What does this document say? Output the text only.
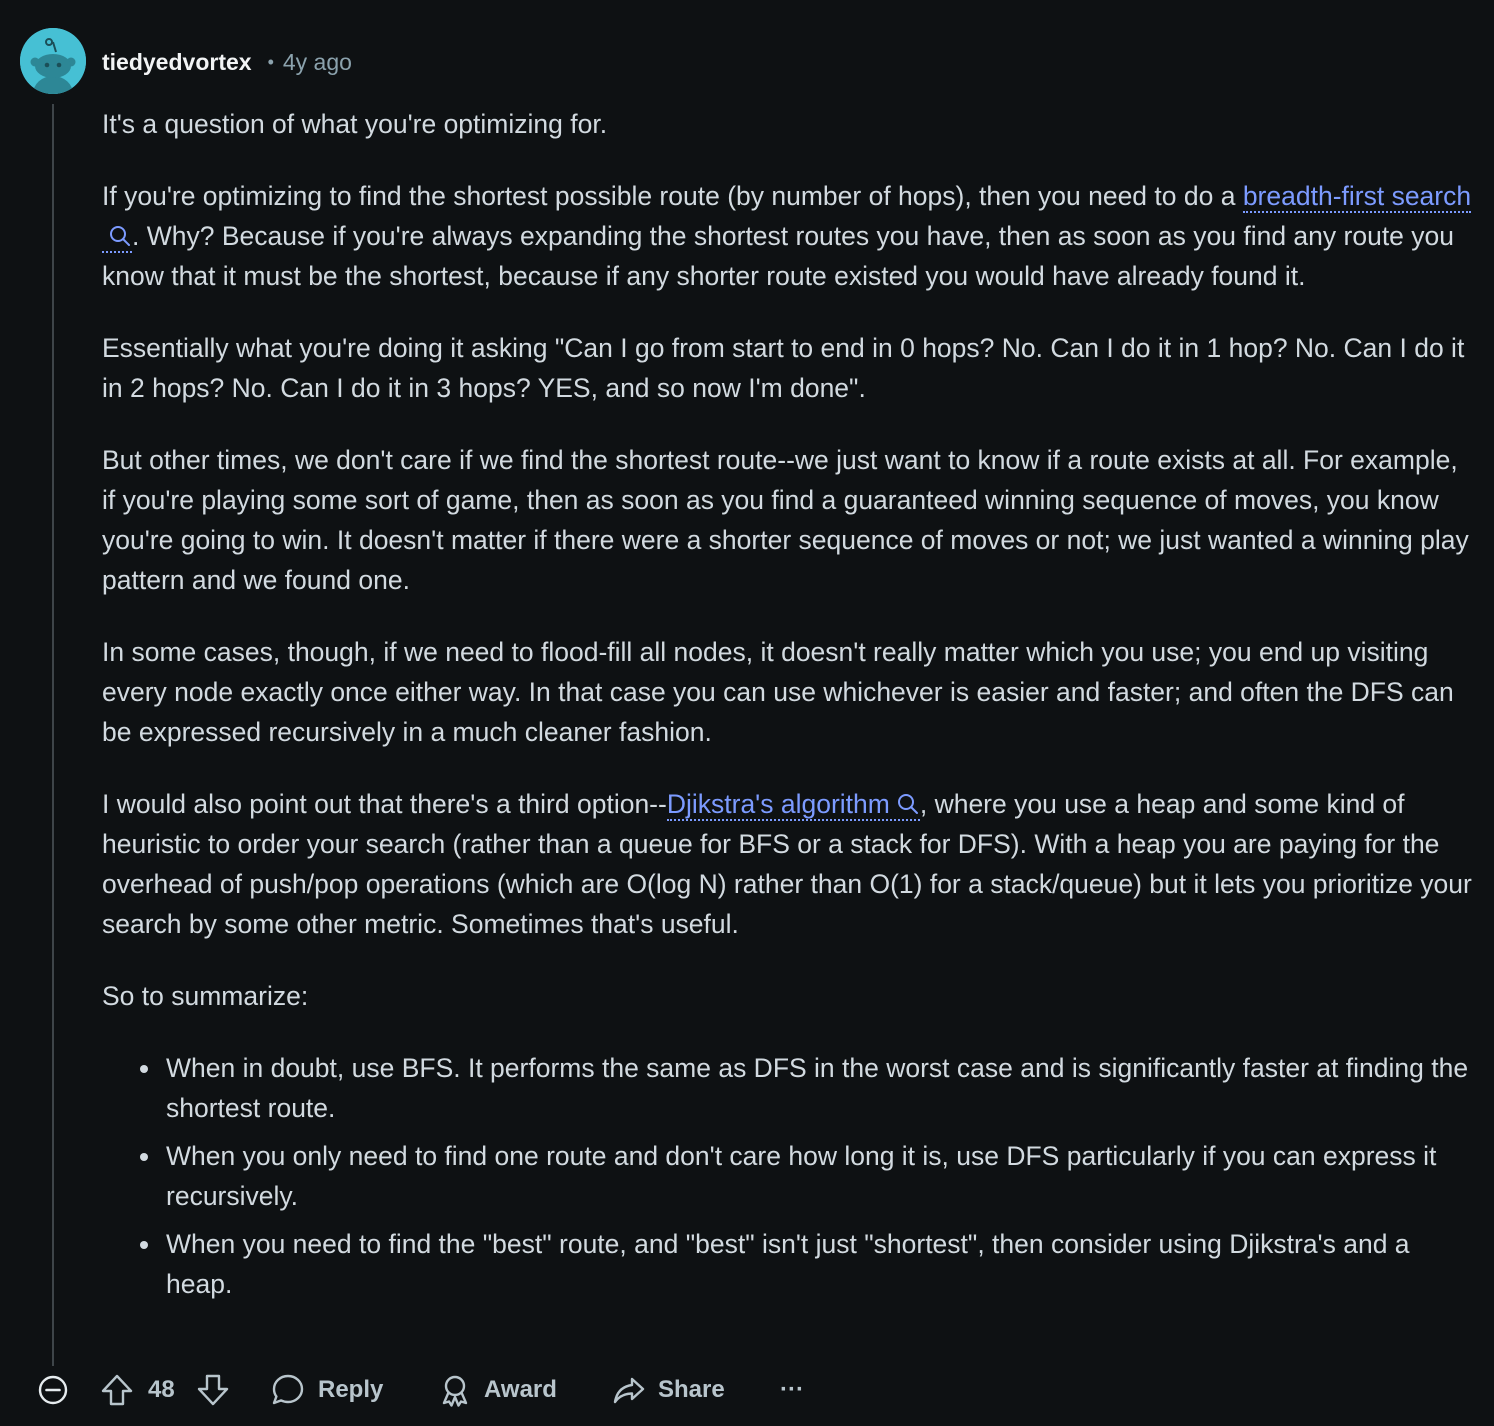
tiedyedvortex • 4y ago

It's a question of what you're optimizing for.

If you're optimizing to find the shortest possible route (by number of hops), then you need to do a breadth-first search. Why? Because if you're always expanding the shortest routes you have, then as soon as you find any route you know that it must be the shortest, because if any shorter route existed you would have already found it.

Essentially what you're doing it asking "Can I go from start to end in 0 hops? No. Can I do it in 1 hop? No. Can I do it in 2 hops? No. Can I do it in 3 hops? YES, and so now I'm done".

But other times, we don't care if we find the shortest route--we just want to know if a route exists at all. For example, if you're playing some sort of game, then as soon as you find a guaranteed winning sequence of moves, you know you're going to win. It doesn't matter if there were a shorter sequence of moves or not; we just wanted a winning play pattern and we found one.

In some cases, though, if we need to flood-fill all nodes, it doesn't really matter which you use; you end up visiting every node exactly once either way. In that case you can use whichever is easier and faster; and often the DFS can be expressed recursively in a much cleaner fashion.

I would also point out that there's a third option--Djikstra's algorithm , where you use a heap and some kind of heuristic to order your search (rather than a queue for BFS or a stack for DFS). With a heap you are paying for the overhead of push/pop operations (which are O(log N) rather than O(1) for a stack/queue) but it lets you prioritize your search by some other metric. Sometimes that's useful.

So to summarize:

When in doubt, use BFS. It performs the same as DFS in the worst case and is significantly faster at finding the shortest route.
When you only need to find one route and don't care how long it is, use DFS particularly if you can express it recursively.
When you need to find the "best" route, and "best" isn't just "shortest", then consider using Djikstra's and a heap.
48	Reply	Award	Share ···
